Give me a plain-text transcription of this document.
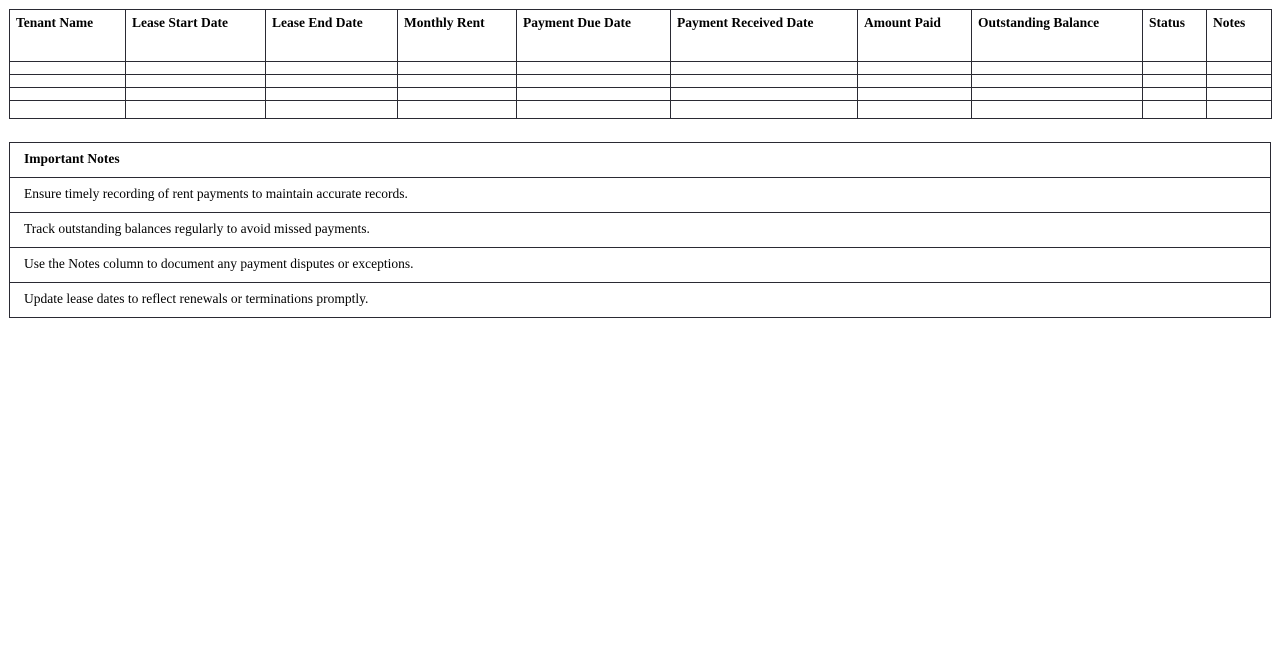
Tenant Name	Lease Start Date	Lease End Date	Monthly Rent	Payment Due Date	Payment Received Date	Amount Paid	Outstanding Balance	Status	Notes

Important Notes
Ensure timely recording of rent payments to maintain accurate records.
Track outstanding balances regularly to avoid missed payments.
Use the Notes column to document any payment disputes or exceptions.
Update lease dates to reflect renewals or terminations promptly.
